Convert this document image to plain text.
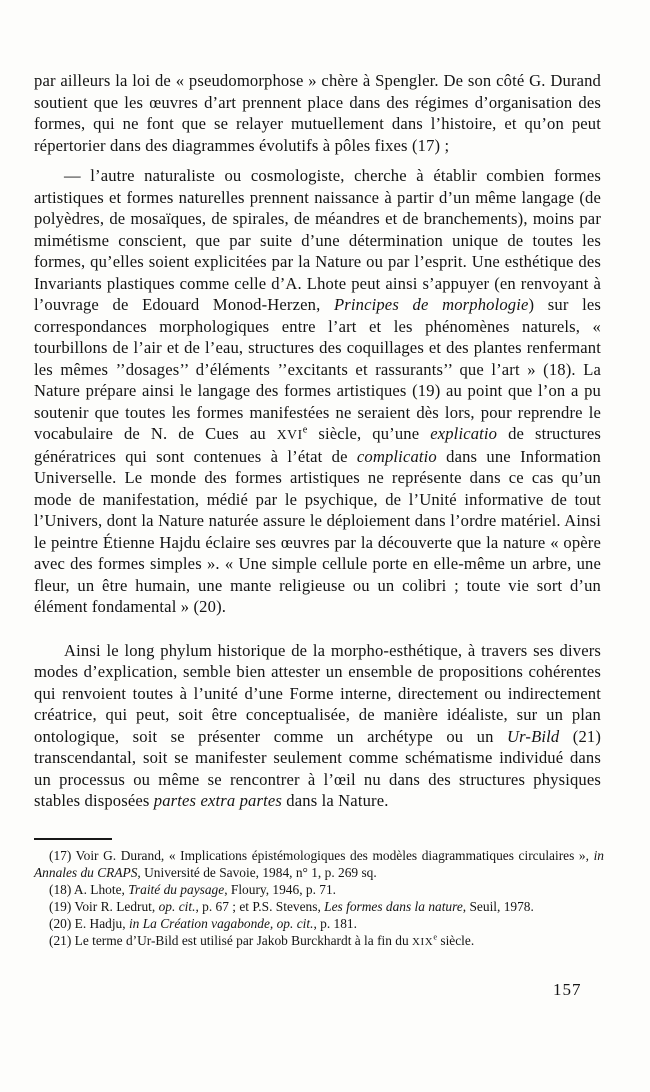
par ailleurs la loi de « pseudomorphose » chère à Spengler. De son côté G. Durand soutient que les œuvres d’art prennent place dans des régimes d’organisation des formes, qui ne font que se relayer mutuellement dans l’histoire, et qu’on peut répertorier dans des diagrammes évolutifs à pôles fixes (17) ;

— l’autre naturaliste ou cosmologiste, cherche à établir combien formes artistiques et formes naturelles prennent naissance à partir d’un même langage (de polyèdres, de mosaïques, de spirales, de méandres et de branchements), moins par mimétisme conscient, que par suite d’une détermination unique de toutes les formes, qu’elles soient explicitées par la Nature ou par l’esprit. Une esthétique des Invariants plastiques comme celle d’A. Lhote peut ainsi s’appuyer (en renvoyant à l’ouvrage de Edouard Monod-Herzen, Principes de morphologie) sur les correspondances morphologiques entre l’art et les phénomènes naturels, « tourbillons de l’air et de l’eau, structures des coquillages et des plantes renfermant les mêmes ’’dosages’’ d’éléments ’’excitants et rassurants’’ que l’art » (18). La Nature prépare ainsi le langage des formes artistiques (19) au point que l’on a pu soutenir que toutes les formes manifestées ne seraient dès lors, pour reprendre le vocabulaire de N. de Cues au XVIe siècle, qu’une explicatio de structures génératrices qui sont contenues à l’état de complicatio dans une Information Universelle. Le monde des formes artistiques ne représente dans ce cas qu’un mode de manifestation, médié par le psychique, de l’Unité informative de tout l’Univers, dont la Nature naturée assure le déploiement dans l’ordre matériel. Ainsi le peintre Étienne Hajdu éclaire ses œuvres par la découverte que la nature « opère avec des formes simples ». « Une simple cellule porte en elle-même un arbre, une fleur, un être humain, une mante religieuse ou un colibri ; toute vie sort d’un élément fondamental » (20).

Ainsi le long phylum historique de la morpho-esthétique, à travers ses divers modes d’explication, semble bien attester un ensemble de propositions cohérentes qui renvoient toutes à l’unité d’une Forme interne, directement ou indirectement créatrice, qui peut, soit être conceptualisée, de manière idéaliste, sur un plan ontologique, soit se présenter comme un archétype ou un Ur-Bild (21) transcendantal, soit se manifester seulement comme schématisme individué dans un processus ou même se rencontrer à l’œil nu dans des structures physiques stables disposées partes extra partes dans la Nature.

(17) Voir G. Durand, « Implications épistémologiques des modèles diagrammatiques circulaires », in Annales du CRAPS, Université de Savoie, 1984, n° 1, p. 269 sq.

(18) A. Lhote, Traité du paysage, Floury, 1946, p. 71.

(19) Voir R. Ledrut, op. cit., p. 67 ; et P.S. Stevens, Les formes dans la nature, Seuil, 1978.

(20) E. Hadju, in La Création vagabonde, op. cit., p. 181.

(21) Le terme d’Ur-Bild est utilisé par Jakob Burckhardt à la fin du XIXe siècle.

157
